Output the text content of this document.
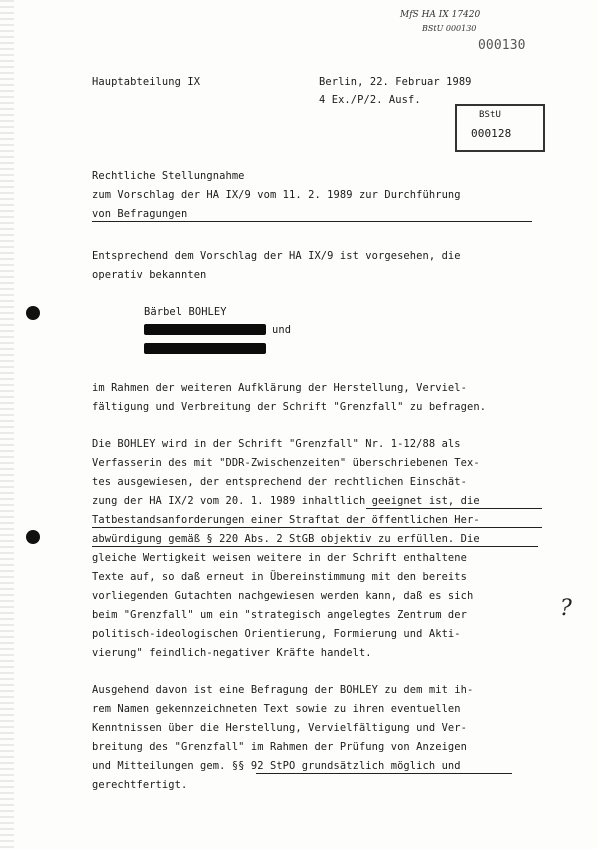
MfS HA IX 17420
BStU 000130
000130
Hauptabteilung IX	Berlin, 22. Februar 1989
4 Ex./P/2. Ausf.
BStU
000128
Rechtliche Stellungnahme
zum Vorschlag der HA IX/9 vom 11. 2. 1989 zur Durchführung
von Befragungen
Entsprechend dem Vorschlag der HA IX/9 ist vorgesehen, die
operativ bekannten
Bärbel BOHLEY
und
im Rahmen der weiteren Aufklärung der Herstellung, Verviel-
fältigung und Verbreitung der Schrift "Grenzfall" zu befragen.
Die BOHLEY wird in der Schrift "Grenzfall" Nr. 1-12/88 als
Verfasserin des mit "DDR-Zwischenzeiten" überschriebenen Tex-
tes ausgewiesen, der entsprechend der rechtlichen Einschät-
zung der HA IX/2 vom 20. 1. 1989 inhaltlich geeignet ist, die
Tatbestandsanforderungen einer Straftat der öffentlichen Her-
abwürdigung gemäß § 220 Abs. 2 StGB objektiv zu erfüllen. Die
gleiche Wertigkeit weisen weitere in der Schrift enthaltene
Texte auf, so daß erneut in Übereinstimmung mit den bereits
vorliegenden Gutachten nachgewiesen werden kann, daß es sich
beim "Grenzfall" um ein "strategisch angelegtes Zentrum der
politisch-ideologischen Orientierung, Formierung und Akti-
vierung" feindlich-negativer Kräfte handelt.
?
Ausgehend davon ist eine Befragung der BOHLEY zu dem mit ih-
rem Namen gekennzeichneten Text sowie zu ihren eventuellen
Kenntnissen über die Herstellung, Vervielfältigung und Ver-
breitung des "Grenzfall" im Rahmen der Prüfung von Anzeigen
und Mitteilungen gem. §§ 92 StPO grundsätzlich möglich und
gerechtfertigt.
